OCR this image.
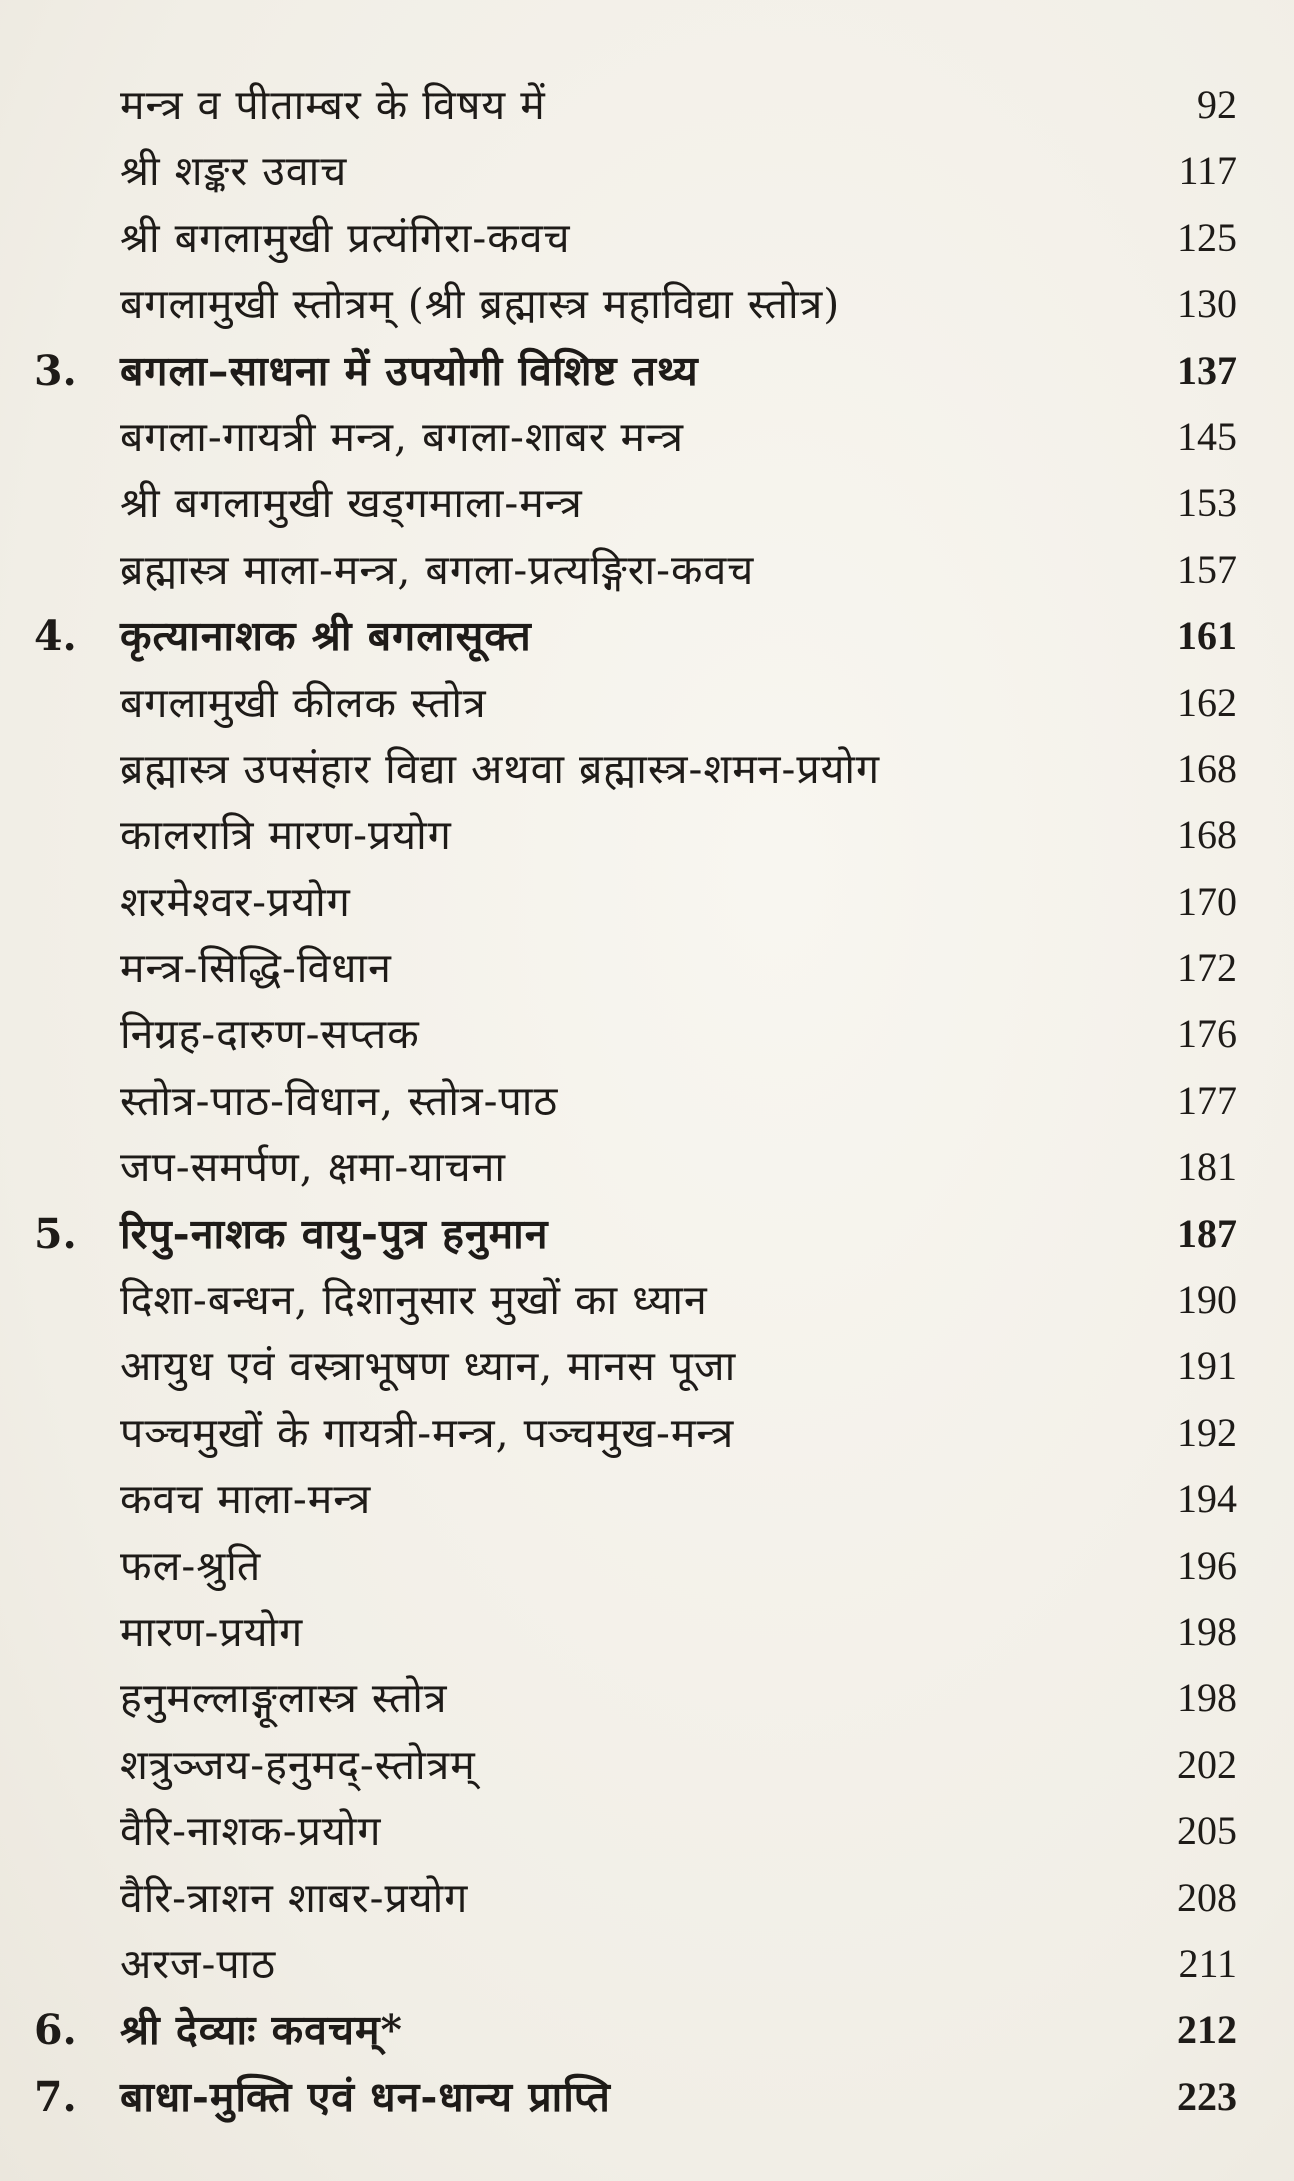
मन्त्र व पीताम्बर के विषय में	92
श्री शङ्कर उवाच	117
श्री बगलामुखी प्रत्यंगिरा-कवच	125
बगलामुखी स्तोत्रम् (श्री ब्रह्मास्त्र महाविद्या स्तोत्र)	130
3. बगला–साधना में उपयोगी विशिष्ट तथ्य	137
बगला-गायत्री मन्त्र, बगला-शाबर मन्त्र	145
श्री बगलामुखी खड्गमाला-मन्त्र	153
ब्रह्मास्त्र माला-मन्त्र, बगला-प्रत्यङ्गिरा-कवच	157
4. कृत्यानाशक श्री बगलासूक्त	161
बगलामुखी कीलक स्तोत्र	162
ब्रह्मास्त्र उपसंहार विद्या अथवा ब्रह्मास्त्र-शमन-प्रयोग	168
कालरात्रि मारण-प्रयोग	168
शरमेश्वर-प्रयोग	170
मन्त्र-सिद्धि-विधान	172
निग्रह-दारुण-सप्तक	176
स्तोत्र-पाठ-विधान, स्तोत्र-पाठ	177
जप-समर्पण, क्षमा-याचना	181
5. रिपु-नाशक वायु-पुत्र हनुमान	187
दिशा-बन्धन, दिशानुसार मुखों का ध्यान	190
आयुध एवं वस्त्राभूषण ध्यान, मानस पूजा	191
पञ्चमुखों के गायत्री-मन्त्र, पञ्चमुख-मन्त्र	192
कवच माला-मन्त्र	194
फल-श्रुति	196
मारण-प्रयोग	198
हनुमल्लाङ्गूलास्त्र स्तोत्र	198
शत्रुञ्जय-हनुमद्-स्तोत्रम्	202
वैरि-नाशक-प्रयोग	205
वैरि-त्राशन शाबर-प्रयोग	208
अरज-पाठ	211
6. श्री देव्याः कवचम्*	212
7. बाधा-मुक्ति एवं धन-धान्य प्राप्ति	223
